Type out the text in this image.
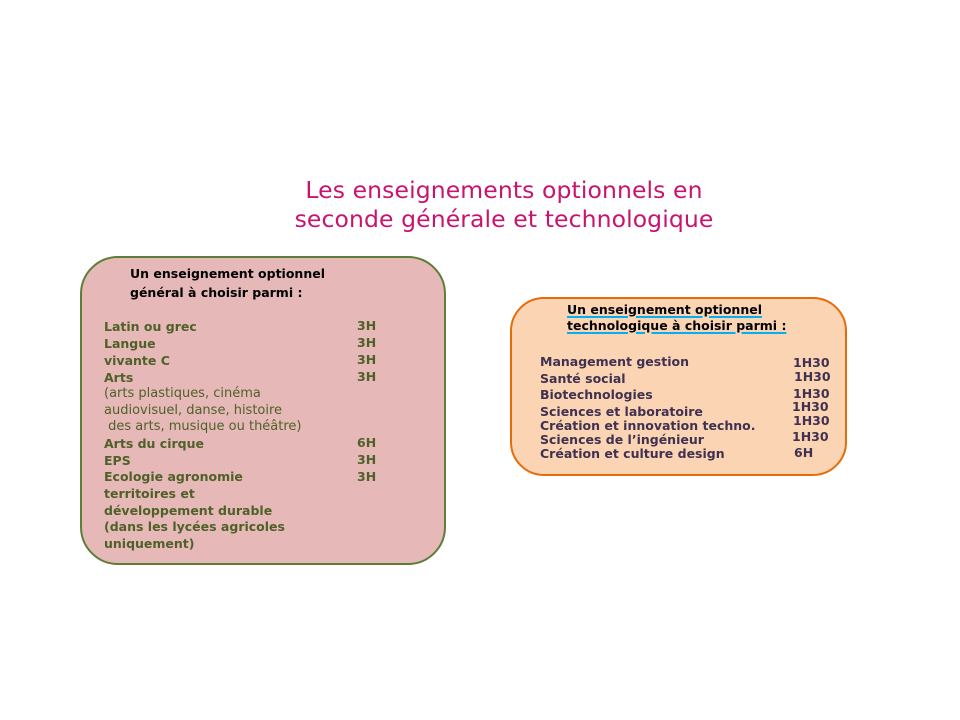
Les enseignements optionnels en
seconde générale et technologique
Un enseignement optionnel
général à choisir parmi :
Latin ou grec	3H
Langue	3H
vivante C	3H
Arts	3H
(arts plastiques, cinéma
audiovisuel, danse, histoire
des arts, musique ou théâtre)
Arts du cirque	6H
EPS	3H
Ecologie agronomie	3H
territoires et
développement durable
(dans les lycées agricoles
uniquement)
Un enseignement optionnel
technologique à choisir parmi :
Management gestion	1H30
Santé social	1H30
Biotechnologies	1H30
Sciences et laboratoire	1H30
Création et innovation techno.	1H30
Sciences de l’ingénieur	1H30
Création et culture design	6H
